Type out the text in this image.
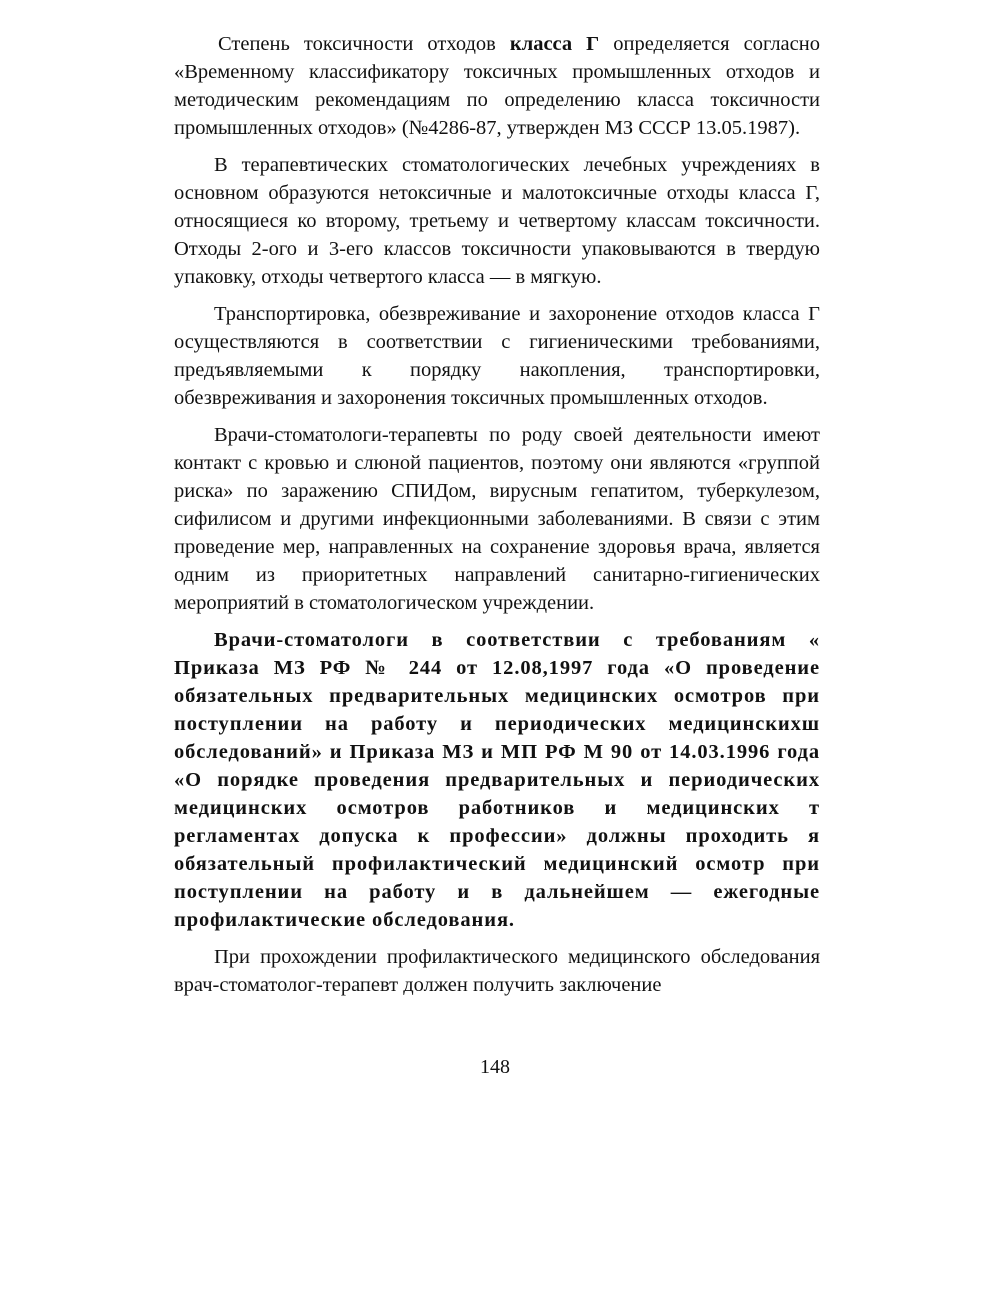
Степень токсичности отходов класса Г определяется согласно «Временному классификатору токсичных промышленных отходов и методическим рекомендациям по определению класса токсичности промышленных отходов» (№4286-87, утвержден МЗ СССР 13.05.1987).

В терапевтических стоматологических лечебных учреждениях в основном образуются нетоксичные и малотоксичные отходы класса Г, относящиеся ко второму, третьему и четвертому классам токсичности. Отходы 2-ого и 3-его классов токсичности упаковываются в твердую упаковку, отходы четвертого класса — в мягкую.

Транспортировка, обезвреживание и захоронение отходов класса Г осуществляются в соответствии с гигиеническими требованиями, предъявляемыми к порядку накопления, транспортировки, обезвреживания и захоронения токсичных промышленных отходов.

Врачи-стоматологи-терапевты по роду своей деятельности имеют контакт с кровью и слюной пациентов, поэтому они являются «группой риска» по заражению СПИДом, вирусным гепатитом, туберкулезом, сифилисом и другими инфекционными заболеваниями. В связи с этим проведение мер, направленных на сохранение здоровья врача, является одним из приоритетных направлений санитарно-гигиенических мероприятий в стоматологическом учреждении.

Врачи-стоматологи в соответствии с требованиям « Приказа МЗ РФ № 244 от 12.08,1997 года «О проведение обязательных предварительных медицинских осмотров при поступлении на работу и периодических медицинскихш обследований» и Приказа МЗ и МП РФ М 90 от 14.03.1996 года «О порядке проведения предварительных и периодических медицинских осмотров работников и медицинских т регламентах допуска к профессии» должны проходить я обязательный профилактический медицинский осмотр при поступлении на работу и в дальнейшем — ежегодные профилактические обследования.

При прохождении профилактического медицинского обследования врач-стоматолог-терапевт должен получить заключение

148
